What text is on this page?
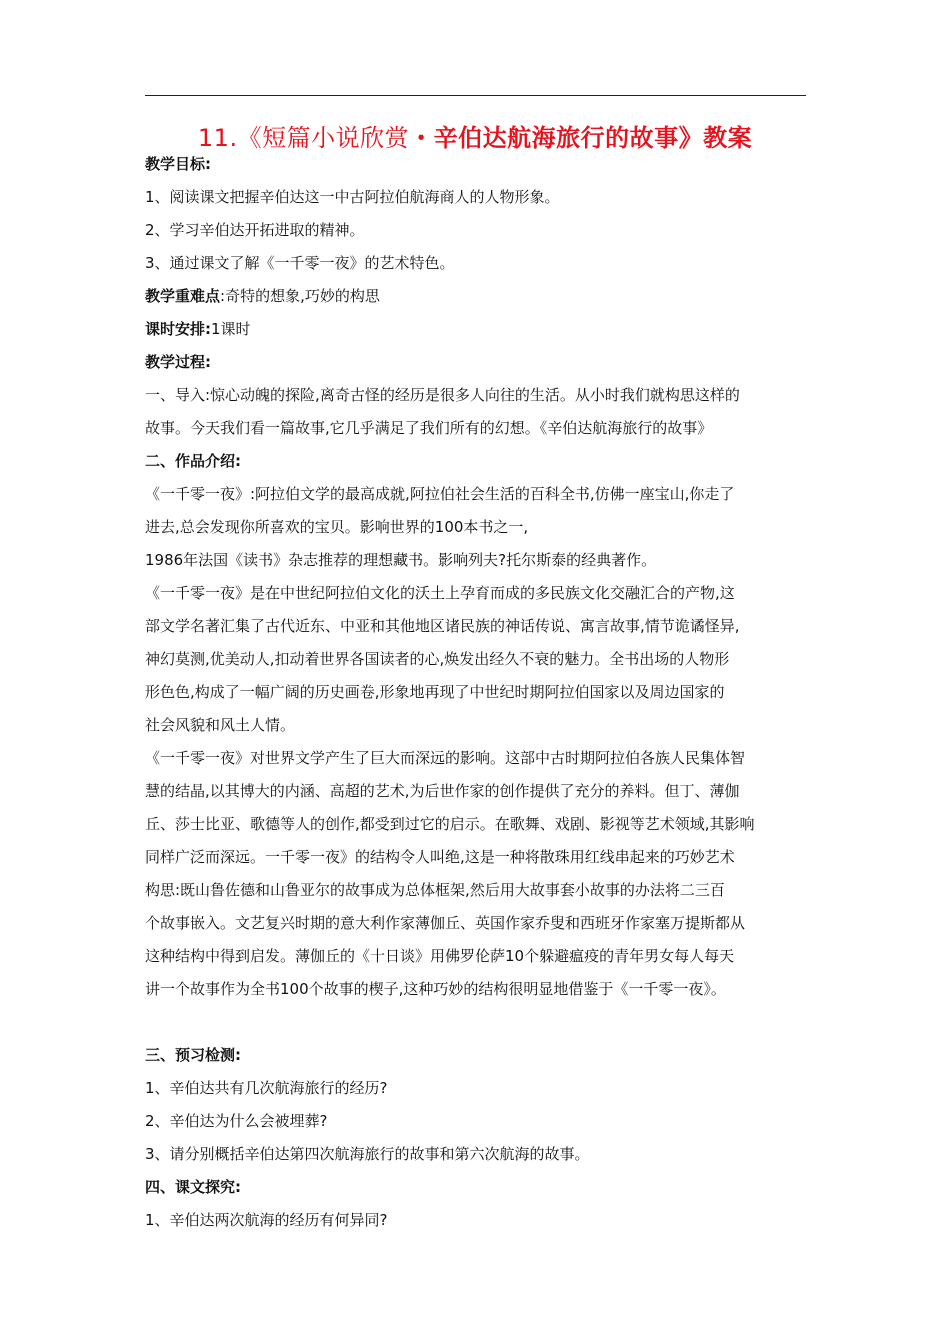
11.《短篇小说欣赏・辛伯达航海旅行的故事》教案
教学目标:
1、阅读课文把握辛伯达这一中古阿拉伯航海商人的人物形象。
2、学习辛伯达开拓进取的精神。
3、通过课文了解《一千零一夜》的艺术特色。
教学重难点:奇特的想象,巧妙的构思
课时安排:1课时
教学过程:
一、导入:惊心动魄的探险,离奇古怪的经历是很多人向往的生活。从小时我们就构思这样的
故事。今天我们看一篇故事,它几乎满足了我们所有的幻想。《辛伯达航海旅行的故事》
二、作品介绍:
《一千零一夜》:阿拉伯文学的最高成就,阿拉伯社会生活的百科全书,仿佛一座宝山,你走了
进去,总会发现你所喜欢的宝贝。影响世界的100本书之一,
1986年法国《读书》杂志推荐的理想藏书。影响列夫?托尔斯泰的经典著作。
《一千零一夜》是在中世纪阿拉伯文化的沃土上孕育而成的多民族文化交融汇合的产物,这
部文学名著汇集了古代近东、中亚和其他地区诸民族的神话传说、寓言故事,情节诡谲怪异,
神幻莫测,优美动人,扣动着世界各国读者的心,焕发出经久不衰的魅力。全书出场的人物形
形色色,构成了一幅广阔的历史画卷,形象地再现了中世纪时期阿拉伯国家以及周边国家的
社会风貌和风土人情。
《一千零一夜》对世界文学产生了巨大而深远的影响。这部中古时期阿拉伯各族人民集体智
慧的结晶,以其博大的内涵、高超的艺术,为后世作家的创作提供了充分的养料。但丁、薄伽
丘、莎士比亚、歌德等人的创作,都受到过它的启示。在歌舞、戏剧、影视等艺术领域,其影响
同样广泛而深远。一千零一夜》的结构令人叫绝,这是一种将散珠用红线串起来的巧妙艺术
构思:既山鲁佐德和山鲁亚尔的故事成为总体框架,然后用大故事套小故事的办法将二三百
个故事嵌入。文艺复兴时期的意大利作家薄伽丘、英国作家乔叟和西班牙作家塞万提斯都从
这种结构中得到启发。薄伽丘的《十日谈》用佛罗伦萨10个躲避瘟疫的青年男女每人每天
讲一个故事作为全书100个故事的楔子,这种巧妙的结构很明显地借鉴于《一千零一夜》。
三、预习检测:
1、辛伯达共有几次航海旅行的经历?
2、辛伯达为什么会被埋葬?
3、请分别概括辛伯达第四次航海旅行的故事和第六次航海的故事。
四、课文探究:
1、辛伯达两次航海的经历有何异同?
